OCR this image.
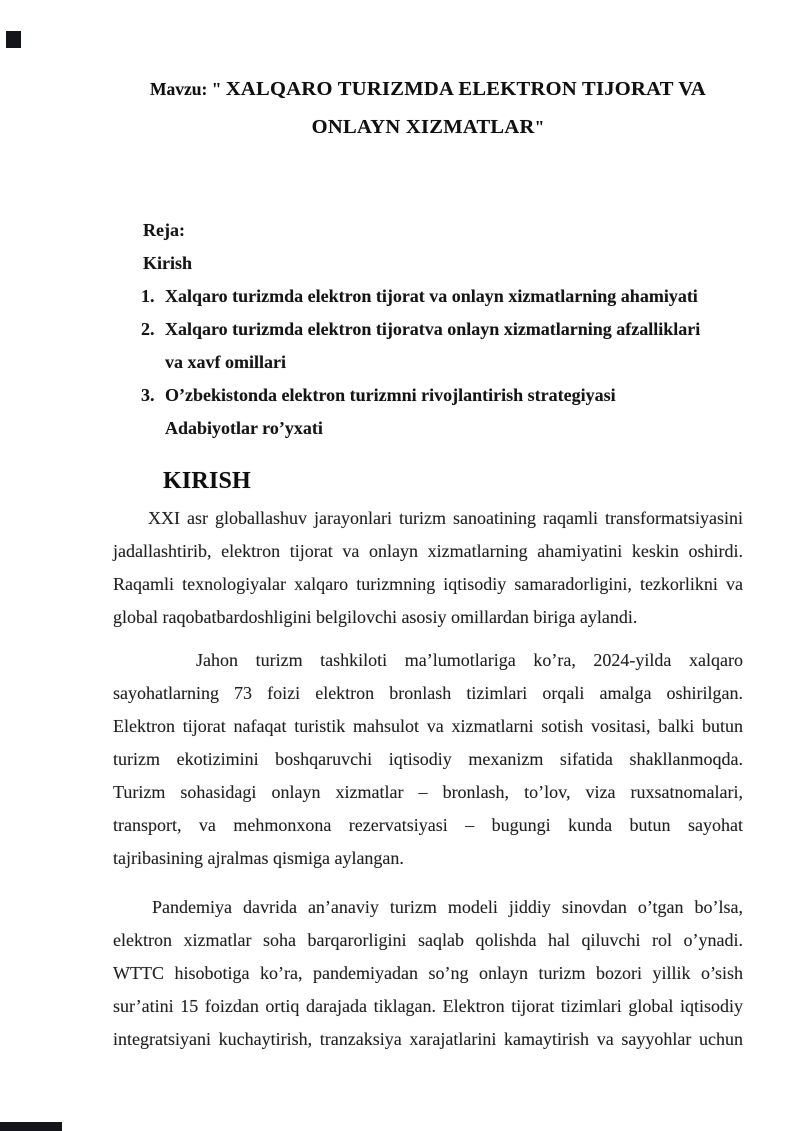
Mavzu: " XALQARO TURIZMDA ELEKTRON TIJORAT VA
ONLAYN XIZMATLAR"
Reja:
Kirish
1. Xalqaro turizmda elektron tijorat va onlayn xizmatlarning ahamiyati
2. Xalqaro turizmda elektron tijoratva onlayn xizmatlarning afzalliklari
va xavf omillari
3. O’zbekistonda elektron turizmni rivojlantirish strategiyasi
Adabiyotlar ro’yxati
KIRISH
XXI asr globallashuv jarayonlari turizm sanoatining raqamli transformatsiyasini
jadallashtirib, elektron tijorat va onlayn xizmatlarning ahamiyatini keskin oshirdi.
Raqamli texnologiyalar xalqaro turizmning iqtisodiy samaradorligini, tezkorlikni va
global raqobatbardoshligini belgilovchi asosiy omillardan biriga aylandi.
Jahon turizm tashkiloti ma’lumotlariga ko’ra, 2024-yilda xalqaro
sayohatlarning 73 foizi elektron bronlash tizimlari orqali amalga oshirilgan.
Elektron tijorat nafaqat turistik mahsulot va xizmatlarni sotish vositasi, balki butun
turizm ekotizimini boshqaruvchi iqtisodiy mexanizm sifatida shakllanmoqda.
Turizm sohasidagi onlayn xizmatlar – bronlash, to’lov, viza ruxsatnomalari,
transport, va mehmonxona rezervatsiyasi – bugungi kunda butun sayohat
tajribasining ajralmas qismiga aylangan.
Pandemiya davrida an’anaviy turizm modeli jiddiy sinovdan o’tgan bo’lsa,
elektron xizmatlar soha barqarorligini saqlab qolishda hal qiluvchi rol o’ynadi.
WTTC hisobotiga ko’ra, pandemiyadan so’ng onlayn turizm bozori yillik o’sish
sur’atini 15 foizdan ortiq darajada tiklagan. Elektron tijorat tizimlari global iqtisodiy
integratsiyani kuchaytirish, tranzaksiya xarajatlarini kamaytirish va sayyohlar uchun
